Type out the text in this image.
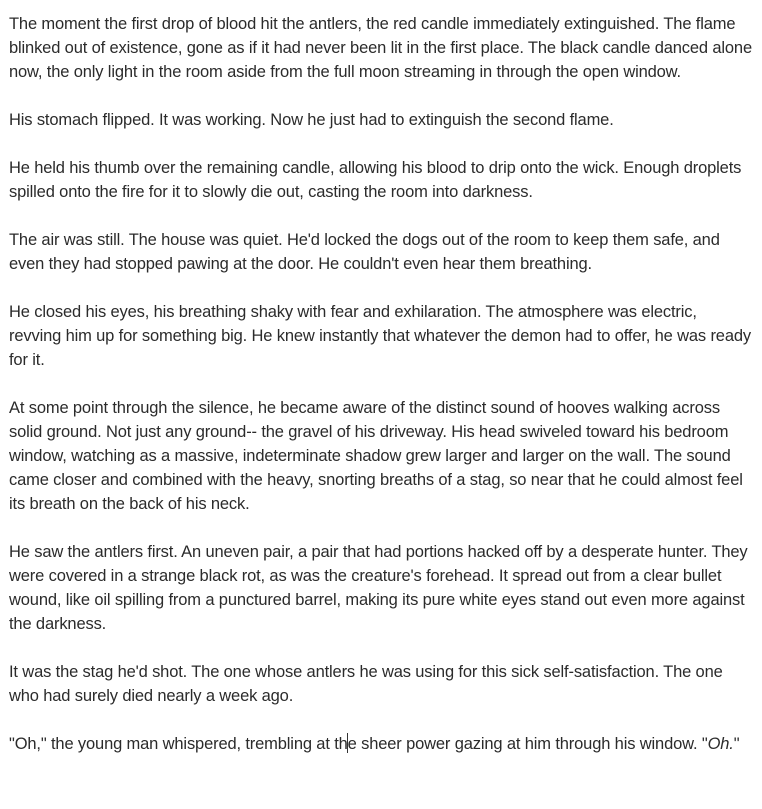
The moment the first drop of blood hit the antlers, the red candle immediately extinguished. The flame blinked out of existence, gone as if it had never been lit in the first place. The black candle danced alone now, the only light in the room aside from the full moon streaming in through the open window.

His stomach flipped. It was working. Now he just had to extinguish the second flame.

He held his thumb over the remaining candle, allowing his blood to drip onto the wick. Enough droplets spilled onto the fire for it to slowly die out, casting the room into darkness.

The air was still. The house was quiet. He'd locked the dogs out of the room to keep them safe, and even they had stopped pawing at the door. He couldn't even hear them breathing.

He closed his eyes, his breathing shaky with fear and exhilaration. The atmosphere was electric, revving him up for something big. He knew instantly that whatever the demon had to offer, he was ready for it.

At some point through the silence, he became aware of the distinct sound of hooves walking across solid ground. Not just any ground-- the gravel of his driveway. His head swiveled toward his bedroom window, watching as a massive, indeterminate shadow grew larger and larger on the wall. The sound came closer and combined with the heavy, snorting breaths of a stag, so near that he could almost feel its breath on the back of his neck.

He saw the antlers first. An uneven pair, a pair that had portions hacked off by a desperate hunter. They were covered in a strange black rot, as was the creature's forehead. It spread out from a clear bullet wound, like oil spilling from a punctured barrel, making its pure white eyes stand out even more against the darkness.

It was the stag he'd shot. The one whose antlers he was using for this sick self-satisfaction. The one who had surely died nearly a week ago.

"Oh," the young man whispered, trembling at the sheer power gazing at him through his window. "Oh."
